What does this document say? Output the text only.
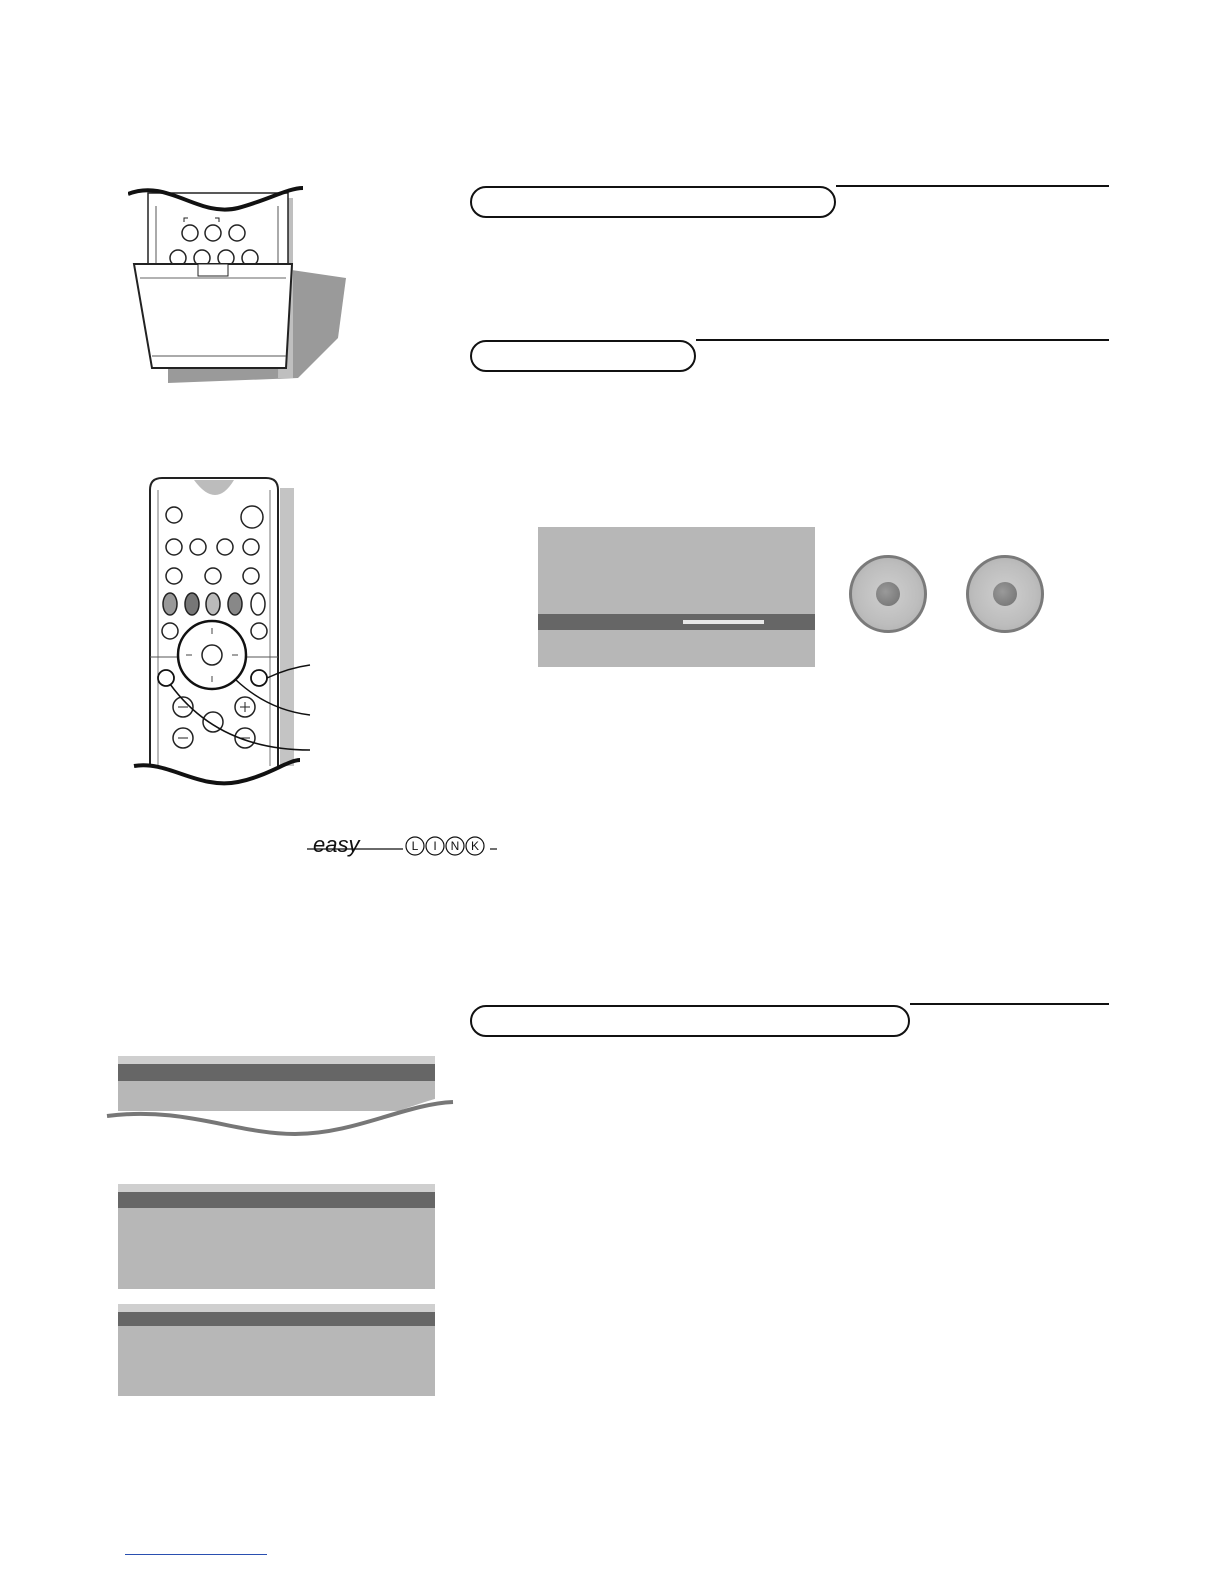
easy	L I N K
